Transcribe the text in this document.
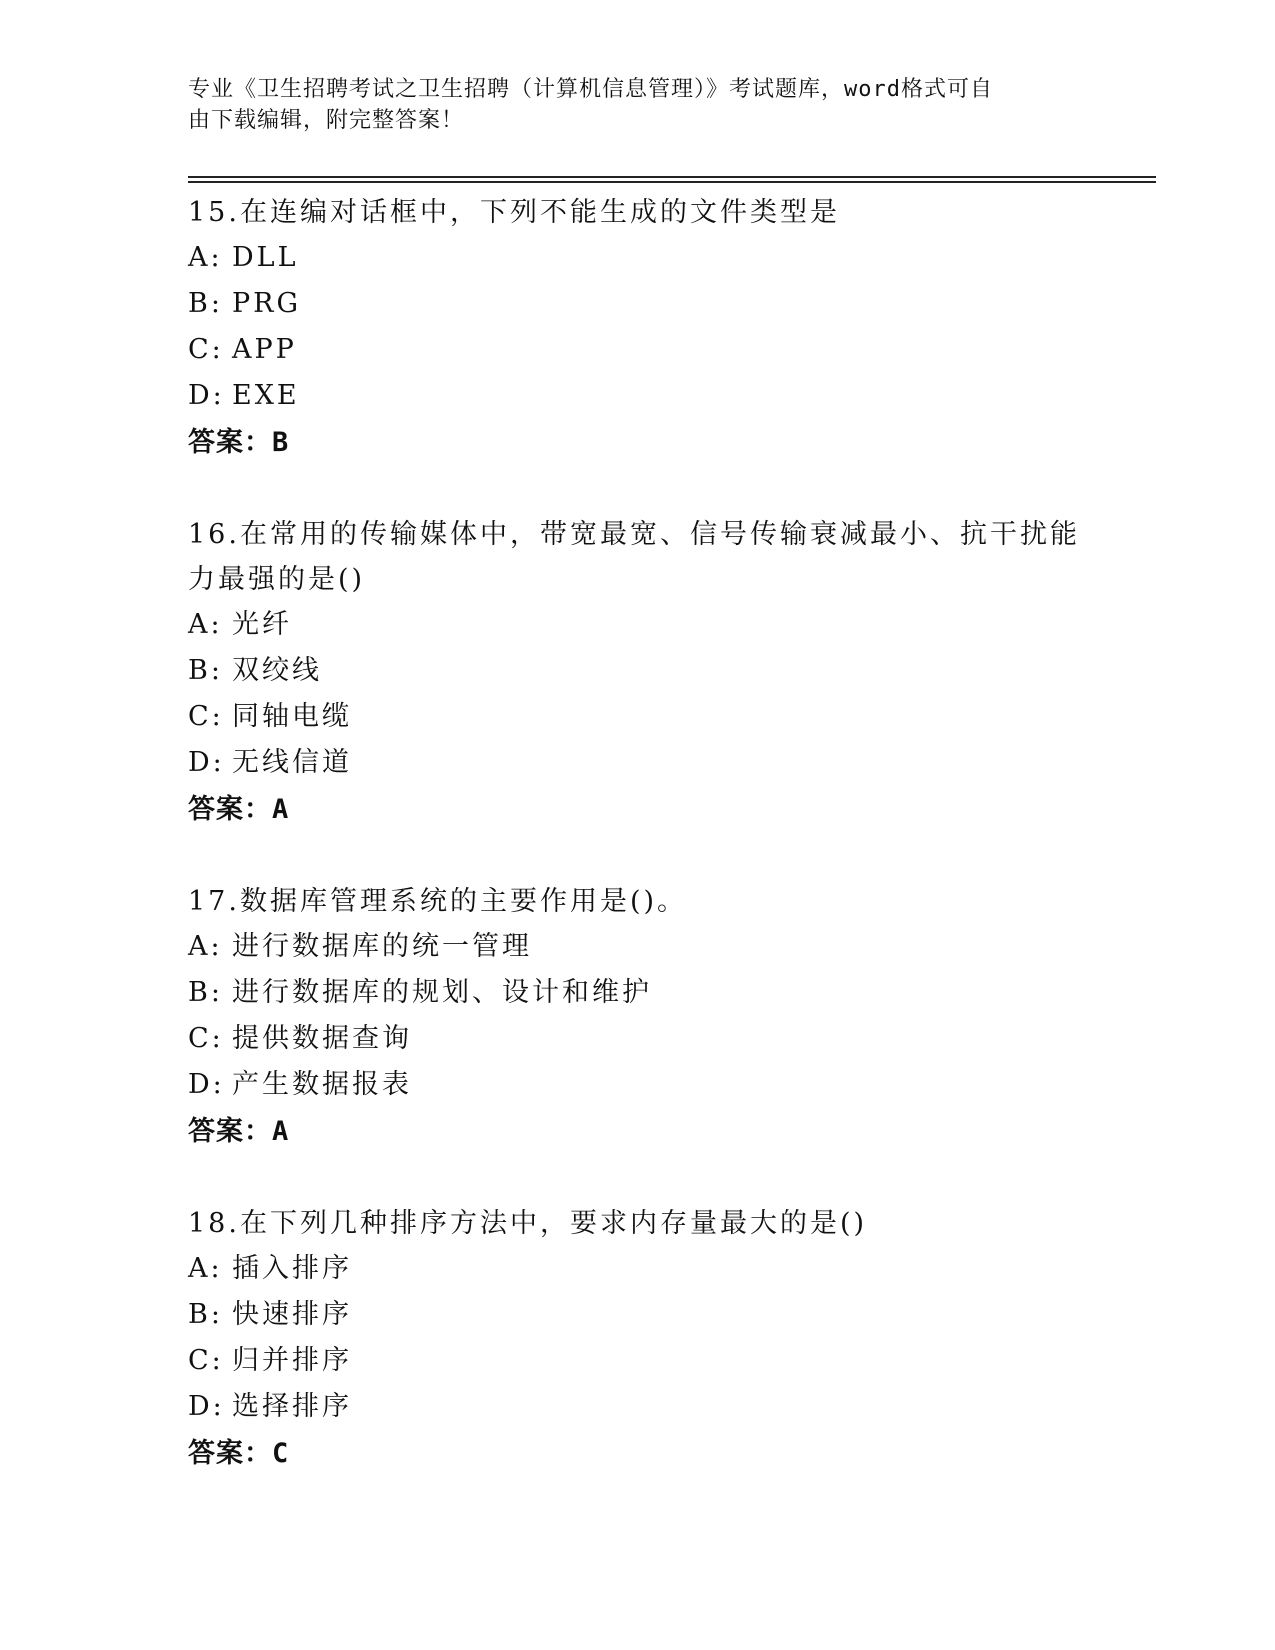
专业《卫生招聘考试之卫生招聘（计算机信息管理）》考试题库，word格式可自
由下载编辑，附完整答案！

15.在连编对话框中，下列不能生成的文件类型是

A: DLL
B: PRG
C: APP
D: EXE
答案：B

16.在常用的传输媒体中，带宽最宽、信号传输衰减最小、抗干扰能力最强的是()

A: 光纤
B: 双绞线
C: 同轴电缆
D: 无线信道
答案：A

17.数据库管理系统的主要作用是()。

A: 进行数据库的统一管理
B: 进行数据库的规划、设计和维护
C: 提供数据查询
D: 产生数据报表
答案：A

18.在下列几种排序方法中，要求内存量最大的是()

A: 插入排序
B: 快速排序
C: 归并排序
D: 选择排序
答案：C
